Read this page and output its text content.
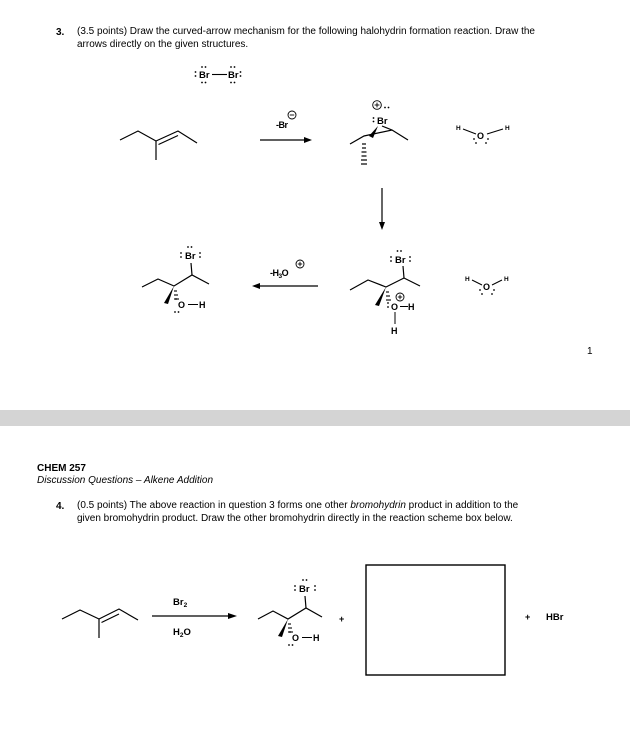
3. (3.5 points) Draw the curved-arrow mechanism for the following halohydrin formation reaction. Draw the
arrows directly on the given structures.
Br Br
-Br	Br
H
O
H
Br
O H
H
H
O
H
$-H_3O$
Br
O H
1
CHEM 257
Discussion Questions – Alkene Addition
4. (0.5 points) The above reaction in question 3 forms one other bromohydrin product in addition to the
given bromohydrin product. Draw the other bromohydrin directly in the reaction scheme box below.
$Br_2$
$H_2O$
Br
O H
+	+ HBr
